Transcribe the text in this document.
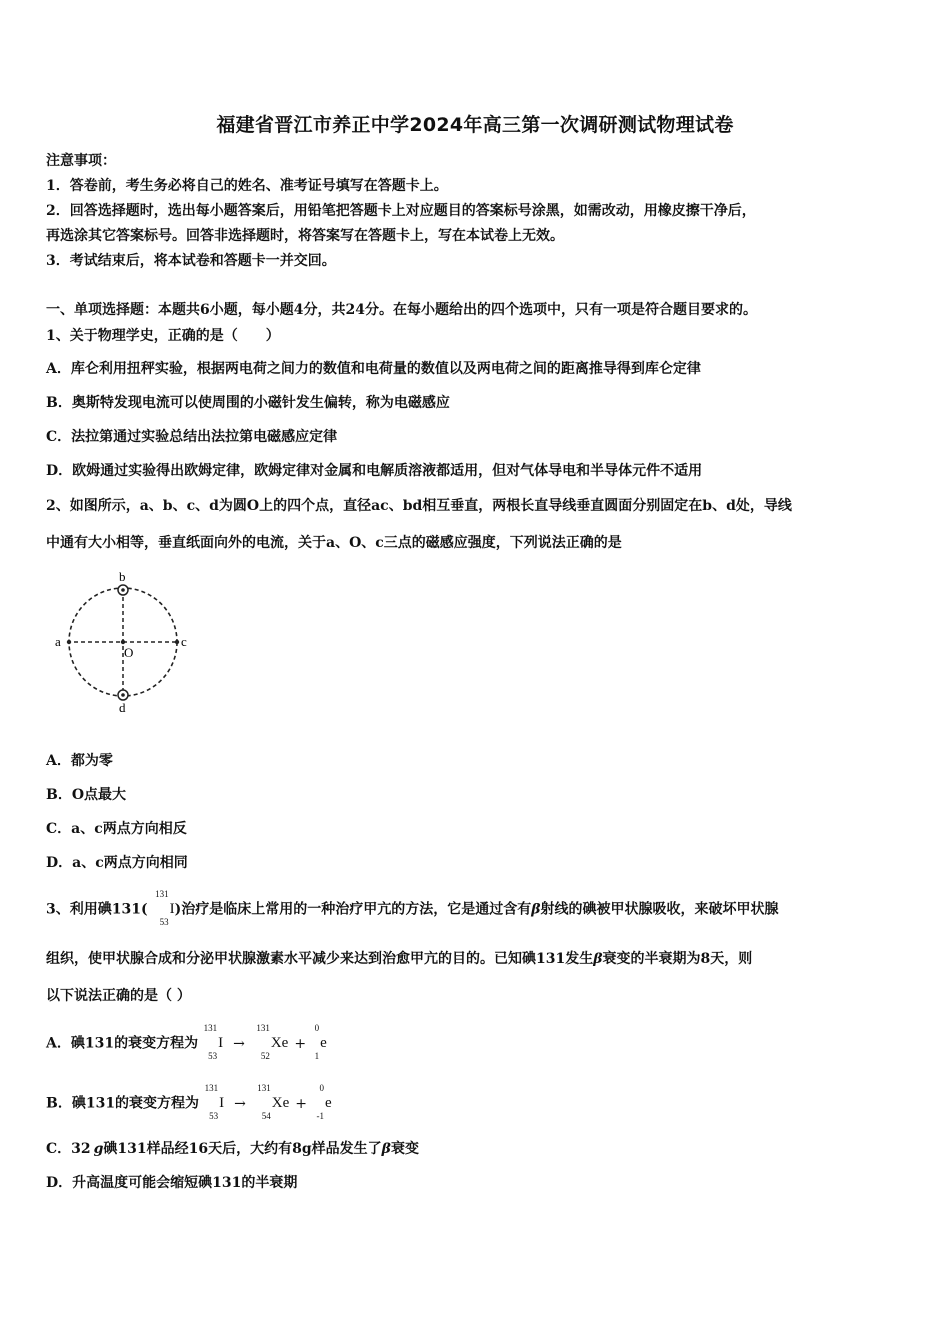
福建省晋江市养正中学2024年高三第一次调研测试物理试卷
注意事项：
1．答卷前，考生务必将自己的姓名、准考证号填写在答题卡上。
2．回答选择题时，选出每小题答案后，用铅笔把答题卡上对应题目的答案标号涂黑，如需改动，用橡皮擦干净后，
再选涂其它答案标号。回答非选择题时，将答案写在答题卡上，写在本试卷上无效。
3．考试结束后，将本试卷和答题卡一并交回。
一、单项选择题：本题共6小题，每小题4分，共24分。在每小题给出的四个选项中，只有一项是符合题目要求的。
1、关于物理学史，正确的是（　　）
A．库仑利用扭秤实验，根据两电荷之间力的数值和电荷量的数值以及两电荷之间的距离推导得到库仑定律
B．奥斯特发现电流可以使周围的小磁针发生偏转，称为电磁感应
C．法拉第通过实验总结出法拉第电磁感应定律
D．欧姆通过实验得出欧姆定律，欧姆定律对金属和电解质溶液都适用，但对气体导电和半导体元件不适用
2、如图所示，a、b、c、d为圆O上的四个点，直径ac、bd相互垂直，两根长直导线垂直圆面分别固定在b、d处，导线
中通有大小相等，垂直纸面向外的电流，关于a、O、c三点的磁感应强度，下列说法正确的是
b
d
a	c
O
A．都为零
B．O点最大
C．a、c两点方向相反
D．a、c两点方向相同
3、利用碘131(
131
53
I)治疗是临床上常用的一种治疗甲亢的方法，它是通过含有β射线的碘被甲状腺吸收，来破坏甲状腺
组织，使甲状腺合成和分泌甲状腺激素水平减少来达到治愈甲亢的目的。已知碘131发生β衰变的半衰期为8天，则
以下说法正确的是（ ）
A．碘131的衰变方程为
131
53
I →
131
52
Xe +
0
1
e
B．碘131的衰变方程为
131
53
I →
131
54
Xe +
0
-1
e
C．32 g碘131样品经16天后，大约有8g样品发生了β衰变
D．升高温度可能会缩短碘131的半衰期
